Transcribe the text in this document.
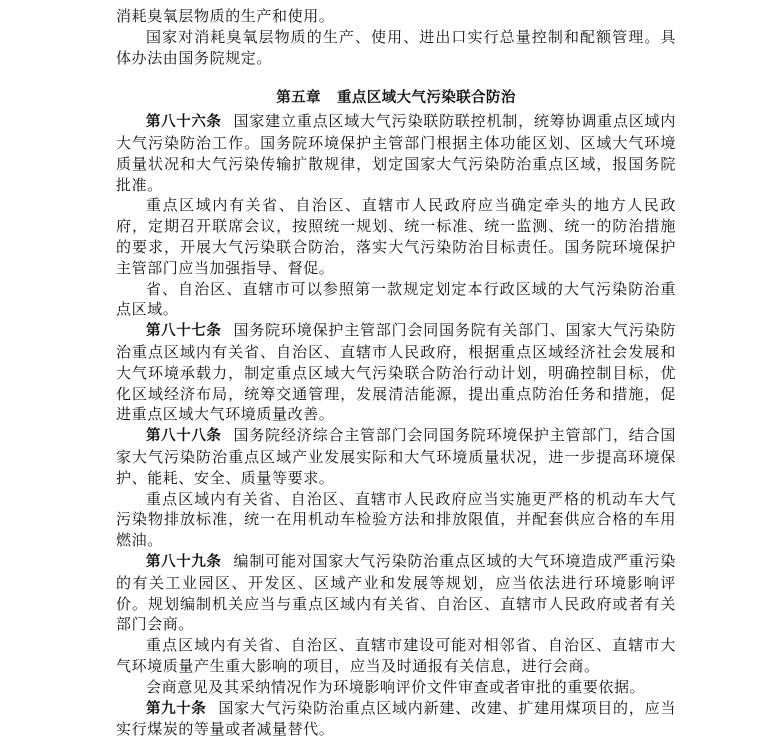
消耗臭氧层物质的生产和使用。

国家对消耗臭氧层物质的生产、使用、进出口实行总量控制和配额管理。具体办法由国务院规定。

第五章 重点区域大气污染联合防治

第八十六条 国家建立重点区域大气污染联防联控机制，统筹协调重点区域内大气污染防治工作。国务院环境保护主管部门根据主体功能区划、区域大气环境质量状况和大气污染传输扩散规律，划定国家大气污染防治重点区域，报国务院批准。

重点区域内有关省、自治区、直辖市人民政府应当确定牵头的地方人民政府，定期召开联席会议，按照统一规划、统一标准、统一监测、统一的防治措施的要求，开展大气污染联合防治，落实大气污染防治目标责任。国务院环境保护主管部门应当加强指导、督促。

省、自治区、直辖市可以参照第一款规定划定本行政区域的大气污染防治重点区域。

第八十七条 国务院环境保护主管部门会同国务院有关部门、国家大气污染防治重点区域内有关省、自治区、直辖市人民政府，根据重点区域经济社会发展和大气环境承载力，制定重点区域大气污染联合防治行动计划，明确控制目标，优化区域经济布局，统筹交通管理，发展清洁能源，提出重点防治任务和措施，促进重点区域大气环境质量改善。

第八十八条 国务院经济综合主管部门会同国务院环境保护主管部门，结合国家大气污染防治重点区域产业发展实际和大气环境质量状况，进一步提高环境保护、能耗、安全、质量等要求。

重点区域内有关省、自治区、直辖市人民政府应当实施更严格的机动车大气污染物排放标准，统一在用机动车检验方法和排放限值，并配套供应合格的车用燃油。

第八十九条 编制可能对国家大气污染防治重点区域的大气环境造成严重污染的有关工业园区、开发区、区域产业和发展等规划，应当依法进行环境影响评价。规划编制机关应当与重点区域内有关省、自治区、直辖市人民政府或者有关部门会商。

重点区域内有关省、自治区、直辖市建设可能对相邻省、自治区、直辖市大气环境质量产生重大影响的项目，应当及时通报有关信息，进行会商。

会商意见及其采纳情况作为环境影响评价文件审查或者审批的重要依据。

第九十条 国家大气污染防治重点区域内新建、改建、扩建用煤项目的，应当实行煤炭的等量或者减量替代。
